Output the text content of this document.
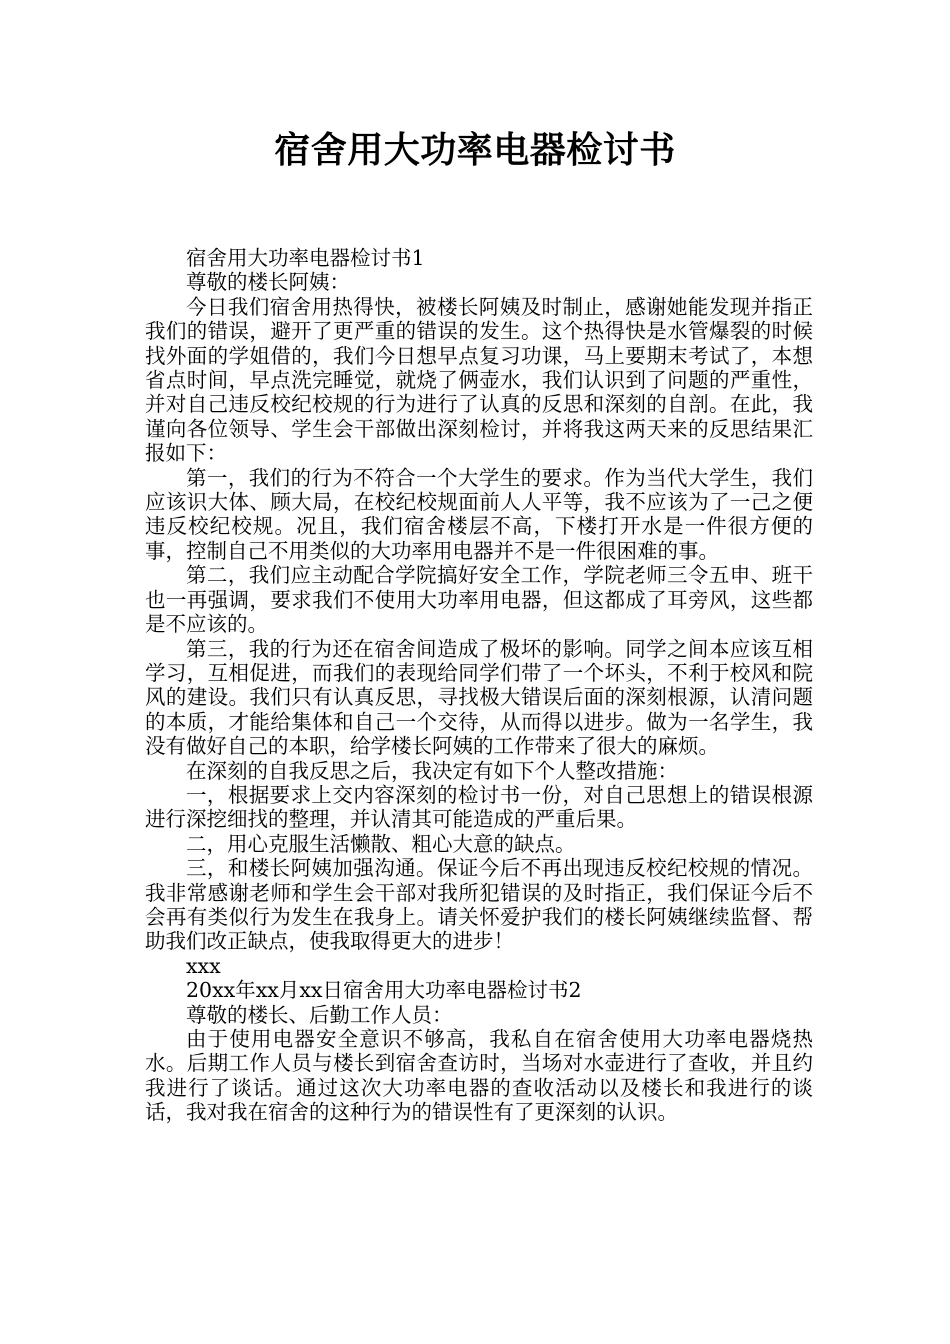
宿舍用大功率电器检讨书

宿舍用大功率电器检讨书1

尊敬的楼长阿姨：

今日我们宿舍用热得快，被楼长阿姨及时制止，感谢她能发现并指正我们的错误，避开了更严重的错误的发生。这个热得快是水管爆裂的时候找外面的学姐借的，我们今日想早点复习功课，马上要期末考试了，本想省点时间，早点洗完睡觉，就烧了俩壶水，我们认识到了问题的严重性，并对自己违反校纪校规的行为进行了认真的反思和深刻的自剖。在此，我谨向各位领导、学生会干部做出深刻检讨，并将我这两天来的反思结果汇报如下：

第一，我们的行为不符合一个大学生的要求。作为当代大学生，我们应该识大体、顾大局，在校纪校规面前人人平等，我不应该为了一己之便违反校纪校规。况且，我们宿舍楼层不高，下楼打开水是一件很方便的事，控制自己不用类似的大功率用电器并不是一件很困难的事。

第二，我们应主动配合学院搞好安全工作，学院老师三令五申、班干也一再强调，要求我们不使用大功率用电器，但这都成了耳旁风，这些都是不应该的。

第三，我的行为还在宿舍间造成了极坏的影响。同学之间本应该互相学习，互相促进，而我们的表现给同学们带了一个坏头，不利于校风和院风的建设。我们只有认真反思，寻找极大错误后面的深刻根源，认清问题的本质，才能给集体和自己一个交待，从而得以进步。做为一名学生，我没有做好自己的本职，给学楼长阿姨的工作带来了很大的麻烦。

在深刻的自我反思之后，我决定有如下个人整改措施：

一，根据要求上交内容深刻的检讨书一份，对自己思想上的错误根源进行深挖细找的整理，并认清其可能造成的严重后果。

二，用心克服生活懒散、粗心大意的缺点。

三，和楼长阿姨加强沟通。保证今后不再出现违反校纪校规的情况。我非常感谢老师和学生会干部对我所犯错误的及时指正，我们保证今后不会再有类似行为发生在我身上。请关怀爱护我们的楼长阿姨继续监督、帮助我们改正缺点，使我取得更大的进步！

xxx

20xx年xx月xx日宿舍用大功率电器检讨书2

尊敬的楼长、后勤工作人员：

由于使用电器安全意识不够高，我私自在宿舍使用大功率电器烧热水。后期工作人员与楼长到宿舍查访时，当场对水壶进行了查收，并且约我进行了谈话。通过这次大功率电器的查收活动以及楼长和我进行的谈话，我对我在宿舍的这种行为的错误性有了更深刻的认识。
